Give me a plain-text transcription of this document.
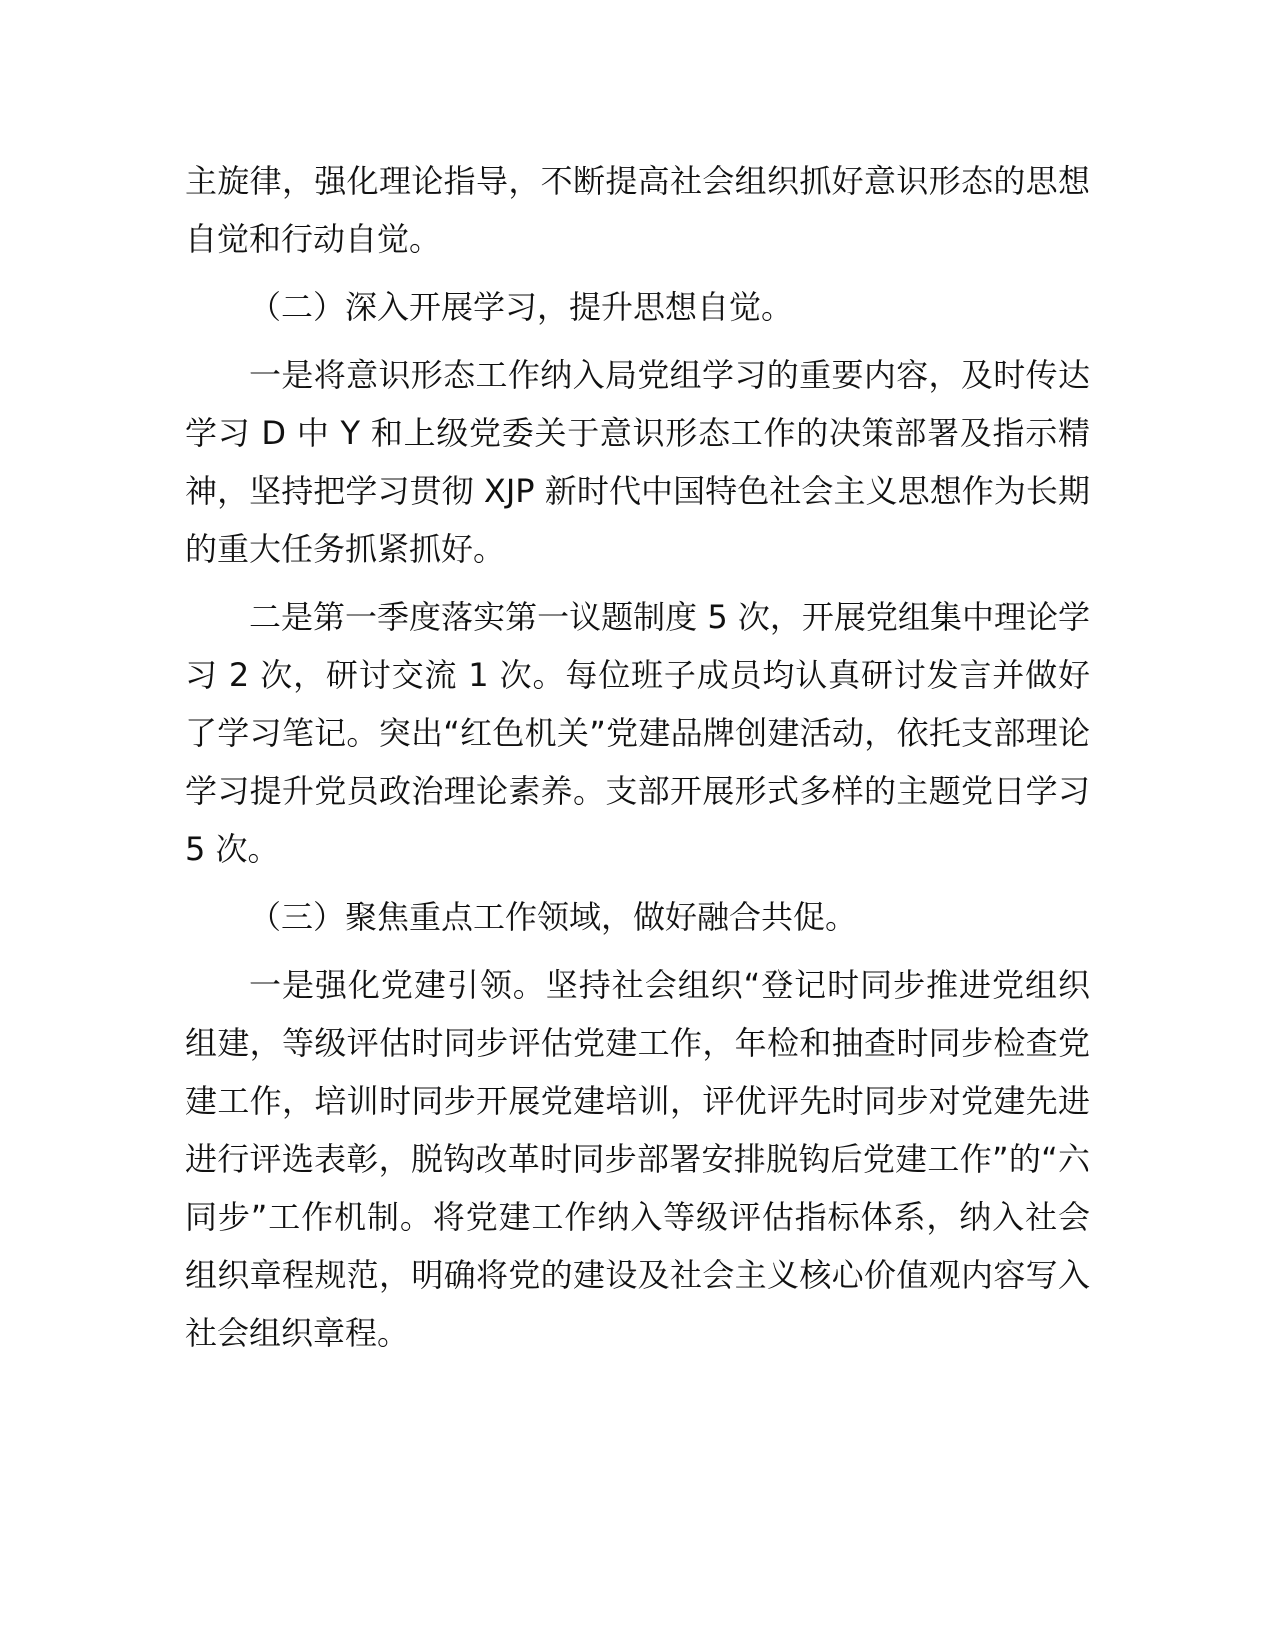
主旋律，强化理论指导，不断提高社会组织抓好意识形态的思想自觉和行动自觉。

（二）深入开展学习，提升思想自觉。

一是将意识形态工作纳入局党组学习的重要内容，及时传达学习 D 中 Y 和上级党委关于意识形态工作的决策部署及指示精神，坚持把学习贯彻 XJP 新时代中国特色社会主义思想作为长期的重大任务抓紧抓好。

二是第一季度落实第一议题制度 5 次，开展党组集中理论学习 2 次，研讨交流 1 次。每位班子成员均认真研讨发言并做好了学习笔记。突出“红色机关”党建品牌创建活动，依托支部理论学习提升党员政治理论素养。支部开展形式多样的主题党日学习 5 次。

（三）聚焦重点工作领域，做好融合共促。

一是强化党建引领。坚持社会组织“登记时同步推进党组织组建，等级评估时同步评估党建工作，年检和抽查时同步检查党建工作，培训时同步开展党建培训，评优评先时同步对党建先进进行评选表彰，脱钩改革时同步部署安排脱钩后党建工作”的“六同步”工作机制。将党建工作纳入等级评估指标体系，纳入社会组织章程规范，明确将党的建设及社会主义核心价值观内容写入社会组织章程。
